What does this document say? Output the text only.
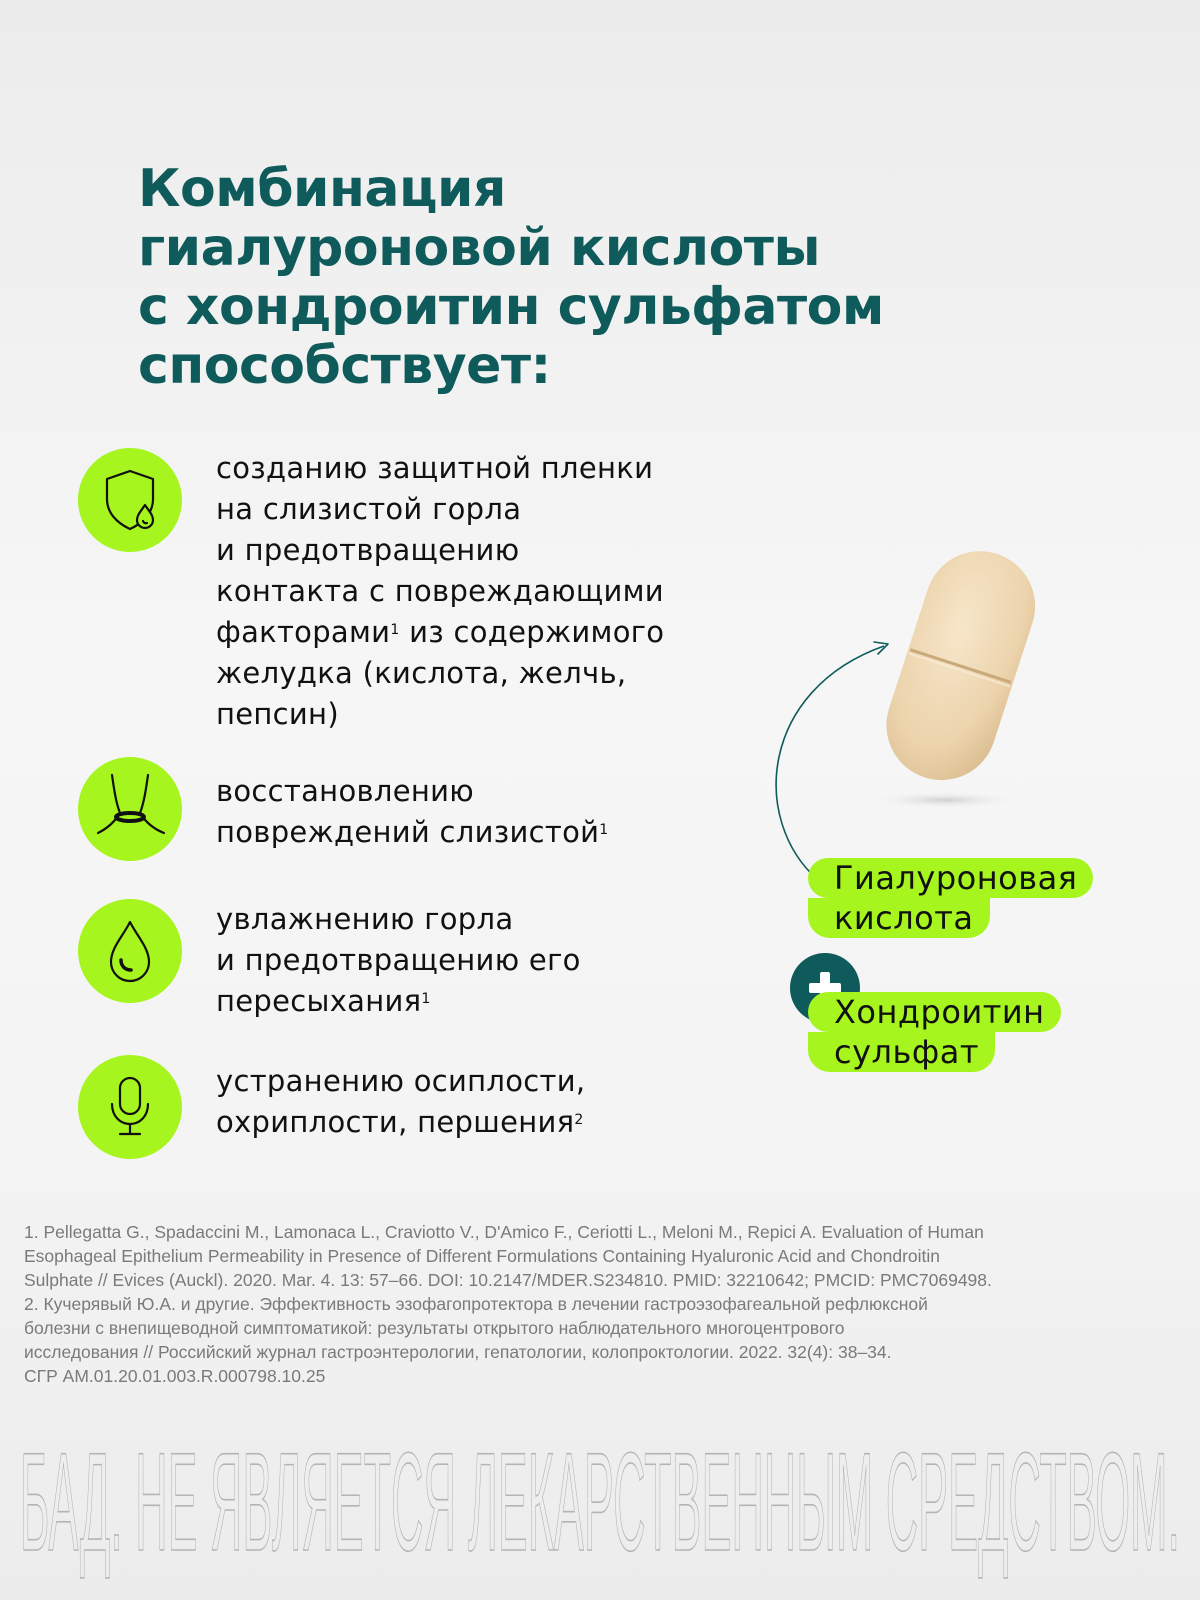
Комбинация
гиалуроновой кислоты
с хондроитин сульфатом
способствует:
созданию защитной пленки
на слизистой горла
и предотвращению
контакта с повреждающими
факторами$^1$ из содержимого
желудка (кислота, желчь,
пепсин)
восстановлению
повреждений слизистой$^1$
увлажнению горла
и предотвращению его
пересыхания$^1$
устранению осиплости,
охриплости, першения$^2$
Гиалуроновая
кислота
Хондроитин
сульфат
1. Pellegatta G., Spadaccini M., Lamonaca L., Craviotto V., D'Amico F., Ceriotti L., Meloni M., Repici A. Evaluation of Human
Esophageal Epithelium Permeability in Presence of Different Formulations Containing Hyaluronic Acid and Chondroitin
Sulphate // Evices (Auckl). 2020. Mar. 4. 13: 57–66. DOI: 10.2147/MDER.S234810. PMID: 32210642; PMCID: PMC7069498.
2. Кучерявый Ю.А. и другие. Эффективность эзофагопротектора в лечении гастроэзофагеальной рефлюксной
болезни с внепищеводной симптоматикой: результаты открытого наблюдательного многоцентрового
исследования // Российский журнал гастроэнтерологии, гепатологии, колопроктологии. 2022. 32(4): 38–34.
СГР AM.01.20.01.003.R.000798.10.25
БАД. НЕ ЯВЛЯЕТСЯ ЛЕКАРСТВЕННЫМ СРЕДСТВОМ.
